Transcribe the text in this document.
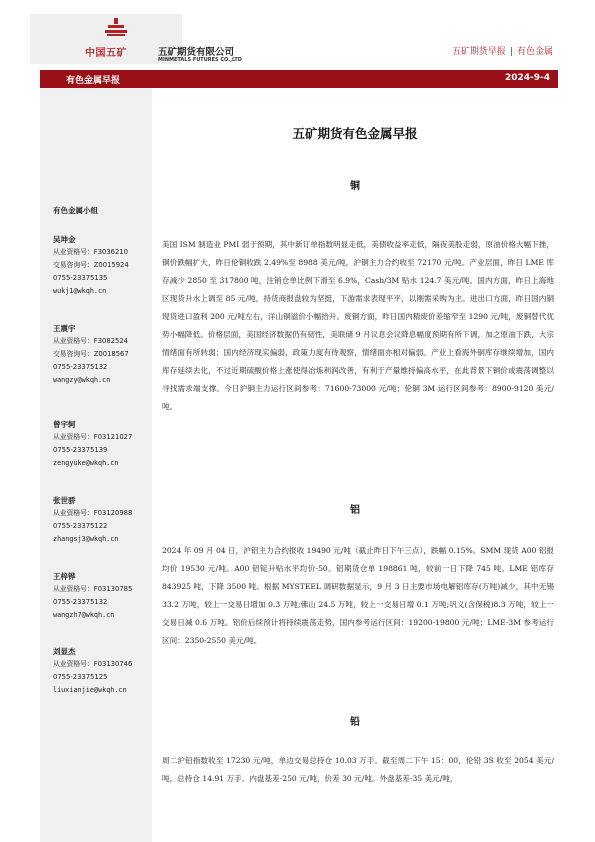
中国五矿	五矿期货有限公司
MINMETALS FUTURES CO.,LTD
五矿期货早报 | 有色金属
有色金属早报	2024-9-4
有色金属小组
吴坤金
从业资格号：F3036210
交易咨询号：Z0015924
0755-23375135
wukj1@wkqh.cn
王震宇
从业资格号：F3082524
交易咨询号：Z0018567
0755-23375132
wangzy@wkqh.cn
曾宇轲
从业资格号：F03121027
0755-23375139
zengyuke@wkqh.cn
张世骄
从业资格号：F03120988
0755-23375122
zhangsj3@wkqh.cn
王梓铧
从业资格号：F03130785
0755-23375132
wangzh7@wkqh.cn
刘显杰
从业资格号：F03130746
0755-23375125
liuxianjie@wkqh.cn
五矿期货有色金属早报
铜

美国 ISM 制造业 PMI 弱于预期，其中新订单指数明显走低，美债收益率走低，隔夜美股走弱，原油价格大幅下挫，铜价跌幅扩大，昨日伦铜收跌 2.49%至 8988 美元/吨，沪铜主力合约收至 72170 元/吨。产业层面，昨日 LME 库存减少 2850 至 317800 吨，注销仓单比例下滑至 6.9%，Cash/3M 贴水 124.7 美元/吨。国内方面，昨日上海地区现货升水上调至 85 元/吨，持货商报盘较为坚挺，下游需求表现平平，以刚需采购为主。进出口方面，昨日国内铜现货进口盈利 200 元/吨左右，洋山铜溢价小幅抬升。废铜方面，昨日国内精废价差缩窄至 1290 元/吨，废铜替代优势小幅降低。价格层面，美国经济数据仍有韧性，美联储 9 月议息会议降息幅度预期有所下调，加之原油下跌，大宗情绪面有所转弱；国内经济现实偏弱，政策力度有待观察，情绪面亦相对偏弱。产业上看海外铜库存继续增加，国内库存延续去化，不过近期硫酸价格上涨使得冶炼利润改善，有利于产量维持偏高水平，在此背景下铜价或震荡调整以寻找需求端支撑。今日沪铜主力运行区间参考：71600-73000 元/吨；伦铜 3M 运行区间参考：8900-9120 美元/吨。

铝

2024 年 09 月 04 日，沪铝主力合约报收 19490 元/吨（截止昨日下午三点），跌幅 0.15%。SMM 现货 A00 铝报均价 19530 元/吨。A00 铝锭升贴水平均价-50。铝期货仓单 198861 吨，较前一日下降 745 吨。LME 铝库存 843925 吨，下降 3500 吨。根据 MYSTEEL 调研数据显示，9 月 3 日主要市场电解铝库存(万吨)减少，其中无锡 33.2 万吨，较上一交易日增加 0.3 万吨;佛山 24.5 万吨，较上一交易日增 0.1 万吨;巩义(含保税)8.3 万吨，较上一交易日减 0.6 万吨。铝价后续预计将持续震荡走势，国内参考运行区间：19200-19800 元/吨；LME-3M 参考运行区间：2350-2550 美元/吨。

铅

周二沪铅指数收至 17230 元/吨，单边交易总持仓 10.03 万手。截至周二下午 15：00，伦铅 3S 收至 2054 美元/吨，总持仓 14.91 万手。内盘基差-250 元/吨，价差 30 元/吨。外盘基差-35 美元/吨，
